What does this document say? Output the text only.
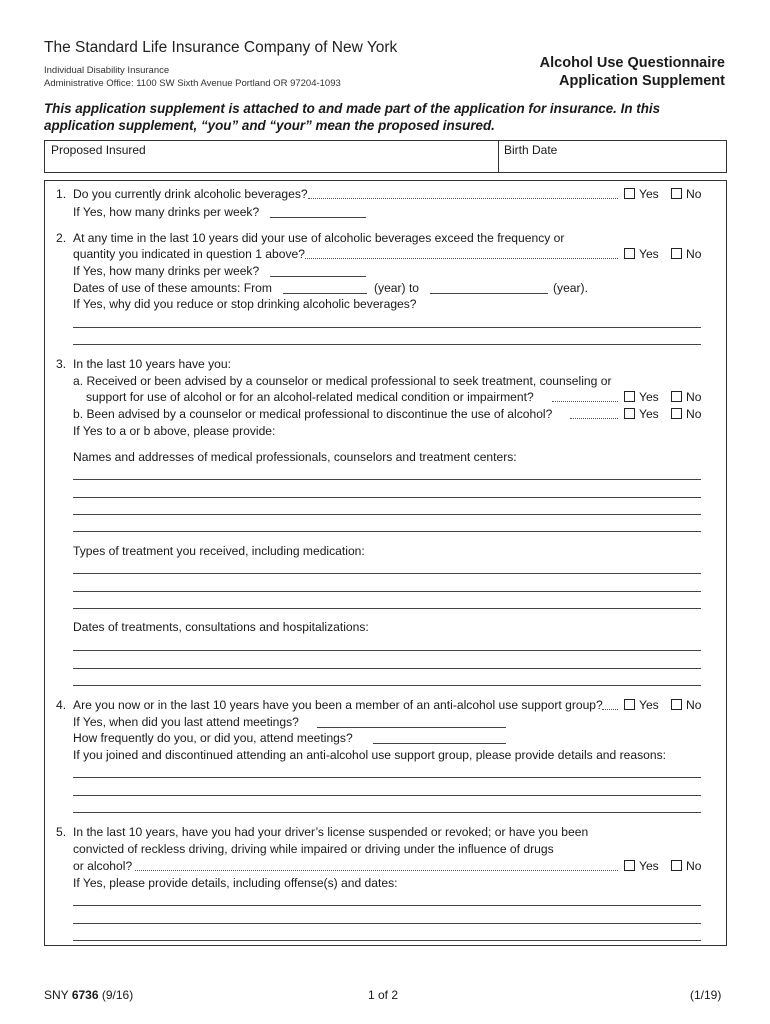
The Standard Life Insurance Company of New York
Individual Disability Insurance
Administrative Office: 1100 SW Sixth Avenue Portland OR 97204-1093
Alcohol Use Questionnaire
Application Supplement
This application supplement is attached to and made part of the application for insurance. In this application supplement, “you” and “your” mean the proposed insured.
Proposed Insured	Birth Date
1. Do you currently drink alcoholic beverages?	Yes	No
If Yes, how many drinks per week?
2. At any time in the last 10 years did your use of alcoholic beverages exceed the frequency or
quantity you indicated in question 1 above?	Yes	No
If Yes, how many drinks per week?
Dates of use of these amounts: From	(year) to	(year).
If Yes, why did you reduce or stop drinking alcoholic beverages?
3. In the last 10 years have you:
a. Received or been advised by a counselor or medical professional to seek treatment, counseling or
support for use of alcohol or for an alcohol-related medical condition or impairment?	Yes	No
b. Been advised by a counselor or medical professional to discontinue the use of alcohol?	Yes	No
If Yes to a or b above, please provide:
Names and addresses of medical professionals, counselors and treatment centers:
Types of treatment you received, including medication:
Dates of treatments, consultations and hospitalizations:
4. Are you now or in the last 10 years have you been a member of an anti-alcohol use support group?	Yes	No
If Yes, when did you last attend meetings?
How frequently do you, or did you, attend meetings?
If you joined and discontinued attending an anti-alcohol use support group, please provide details and reasons:
5. In the last 10 years, have you had your driver’s license suspended or revoked; or have you been
convicted of reckless driving, driving while impaired or driving under the influence of drugs
or alcohol?	Yes	No
If Yes, please provide details, including offense(s) and dates:
SNY 6736 (9/16)	1 of 2	(1/19)
